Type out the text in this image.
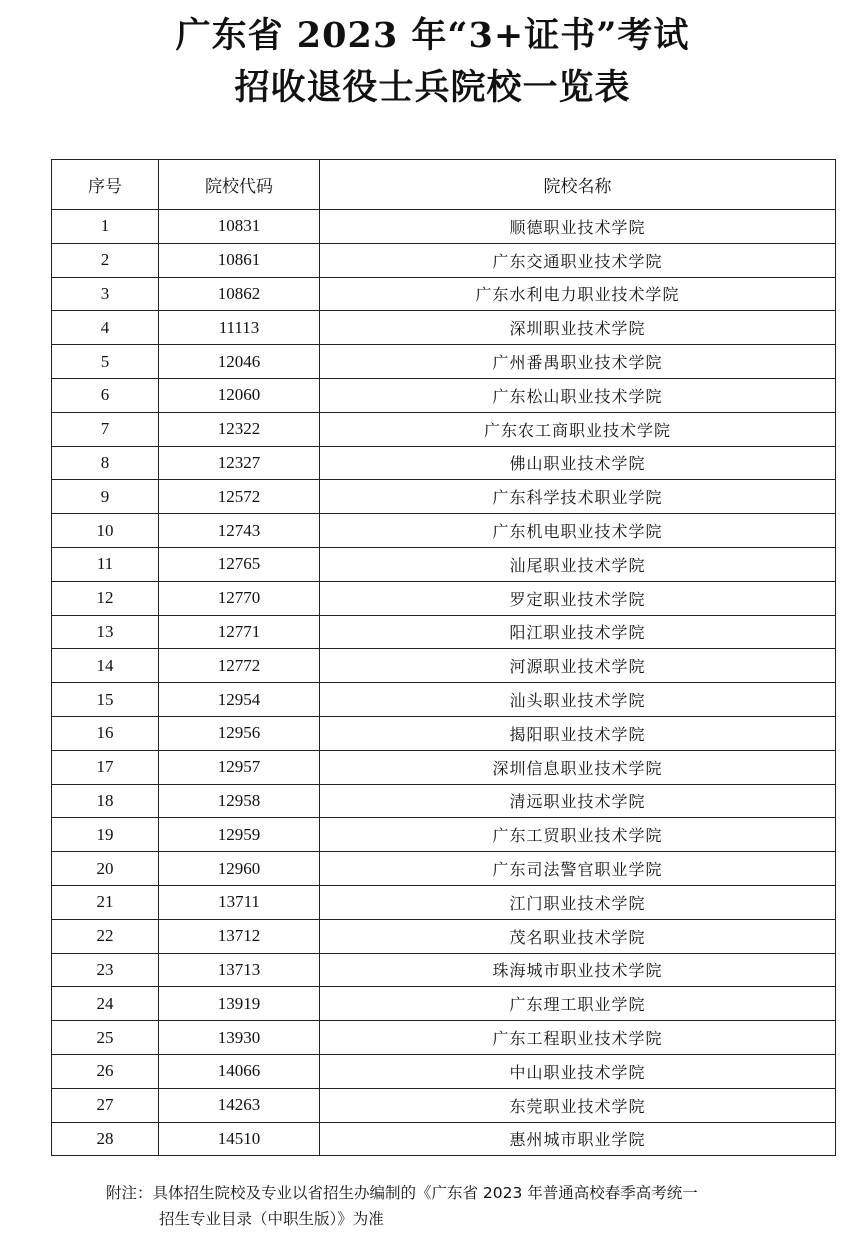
广东省 2023 年“3+证书”考试
招收退役士兵院校一览表
序号	院校代码	院校名称
1	10831	顺德职业技术学院
2	10861	广东交通职业技术学院
3	10862	广东水利电力职业技术学院
4	11113	深圳职业技术学院
5	12046	广州番禺职业技术学院
6	12060	广东松山职业技术学院
7	12322	广东农工商职业技术学院
8	12327	佛山职业技术学院
9	12572	广东科学技术职业学院
10	12743	广东机电职业技术学院
11	12765	汕尾职业技术学院
12	12770	罗定职业技术学院
13	12771	阳江职业技术学院
14	12772	河源职业技术学院
15	12954	汕头职业技术学院
16	12956	揭阳职业技术学院
17	12957	深圳信息职业技术学院
18	12958	清远职业技术学院
19	12959	广东工贸职业技术学院
20	12960	广东司法警官职业学院
21	13711	江门职业技术学院
22	13712	茂名职业技术学院
23	13713	珠海城市职业技术学院
24	13919	广东理工职业学院
25	13930	广东工程职业技术学院
26	14066	中山职业技术学院
27	14263	东莞职业技术学院
28	14510	惠州城市职业学院
附注：具体招生院校及专业以省招生办编制的《广东省 2023 年普通高校春季高考统一
招生专业目录（中职生版）》为准
